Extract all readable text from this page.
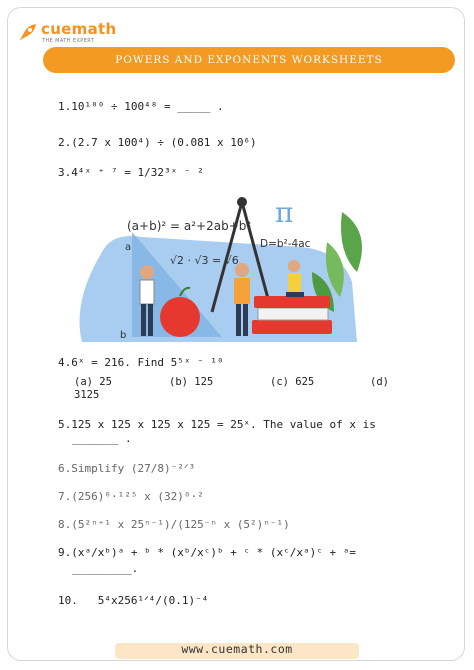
cuemath
THE MATH EXPERT
POWERS AND EXPONENTS WORKSHEETS
1.10¹⁰⁰ ÷ 100⁴⁸ = _____ .
2.(2.7 x 100⁴) ÷ (0.081 x 10⁶)
3.4⁴ˣ ⁺ ⁷ = 1/32³ˣ ⁻ ²
(a+b)² = a²+2ab+b²
√2 · √3 = √6
D=b²-4ac
π
a
b
4.6ˣ = 216. Find 5⁵ˣ ⁻ ¹⁰
(a) 25	(b) 125	(c) 625	(d)
3125
5.125 x 125 x 125 x 125 = 25ˣ. The value of x is
_______ .
6.Simplify (27/8)⁻²ᐟ³
7.(256)⁰·¹²⁵ x (32)⁰·²
8.(5²ⁿ⁺¹ x 25ⁿ⁻¹)/(125⁻ⁿ x (5²)ⁿ⁻¹)
9.(xᵃ/xᵇ)ᵃ + ᵇ * (xᵇ/xᶜ)ᵇ + ᶜ * (xᶜ/xᵃ)ᶜ + ᵃ=
_________.
10. 5⁴x256¹ᐟ⁴/(0.1)⁻⁴
www.cuemath.com
